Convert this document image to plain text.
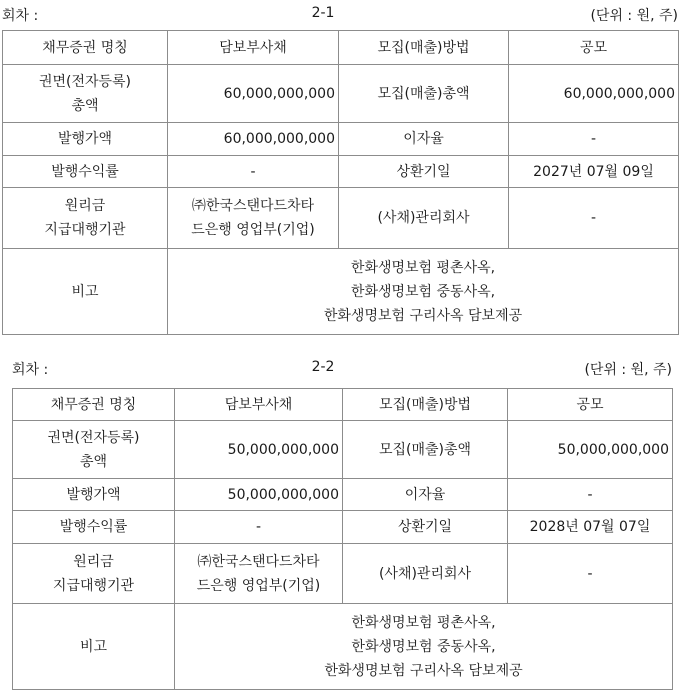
회차 :	2-1	(단위 : 원, 주)
채무증권 명칭	담보부사채	모집(매출)방법	공모

권면(전자등록)
총액	60,000,000,000	모집(매출)총액	60,000,000,000
발행가액	60,000,000,000	이자율	-
발행수익률	-	상환기일	2027년 07월 09일

원리금
지급대행기관	㈜한국스탠다드차타
드은행 영업부(기업)	(사채)관리회사	-
비고	한화생명보험 평촌사옥,
한화생명보험 중동사옥,
한화생명보험 구리사옥 담보제공		
회차 :	2-2	(단위 : 원, 주)
채무증권 명칭	담보부사채	모집(매출)방법	공모

권면(전자등록)
총액	50,000,000,000	모집(매출)총액	50,000,000,000
발행가액	50,000,000,000	이자율	-
발행수익률	-	상환기일	2028년 07월 07일

원리금
지급대행기관	㈜한국스탠다드차타
드은행 영업부(기업)	(사채)관리회사	-
비고	한화생명보험 평촌사옥,
한화생명보험 중동사옥,
한화생명보험 구리사옥 담보제공		
